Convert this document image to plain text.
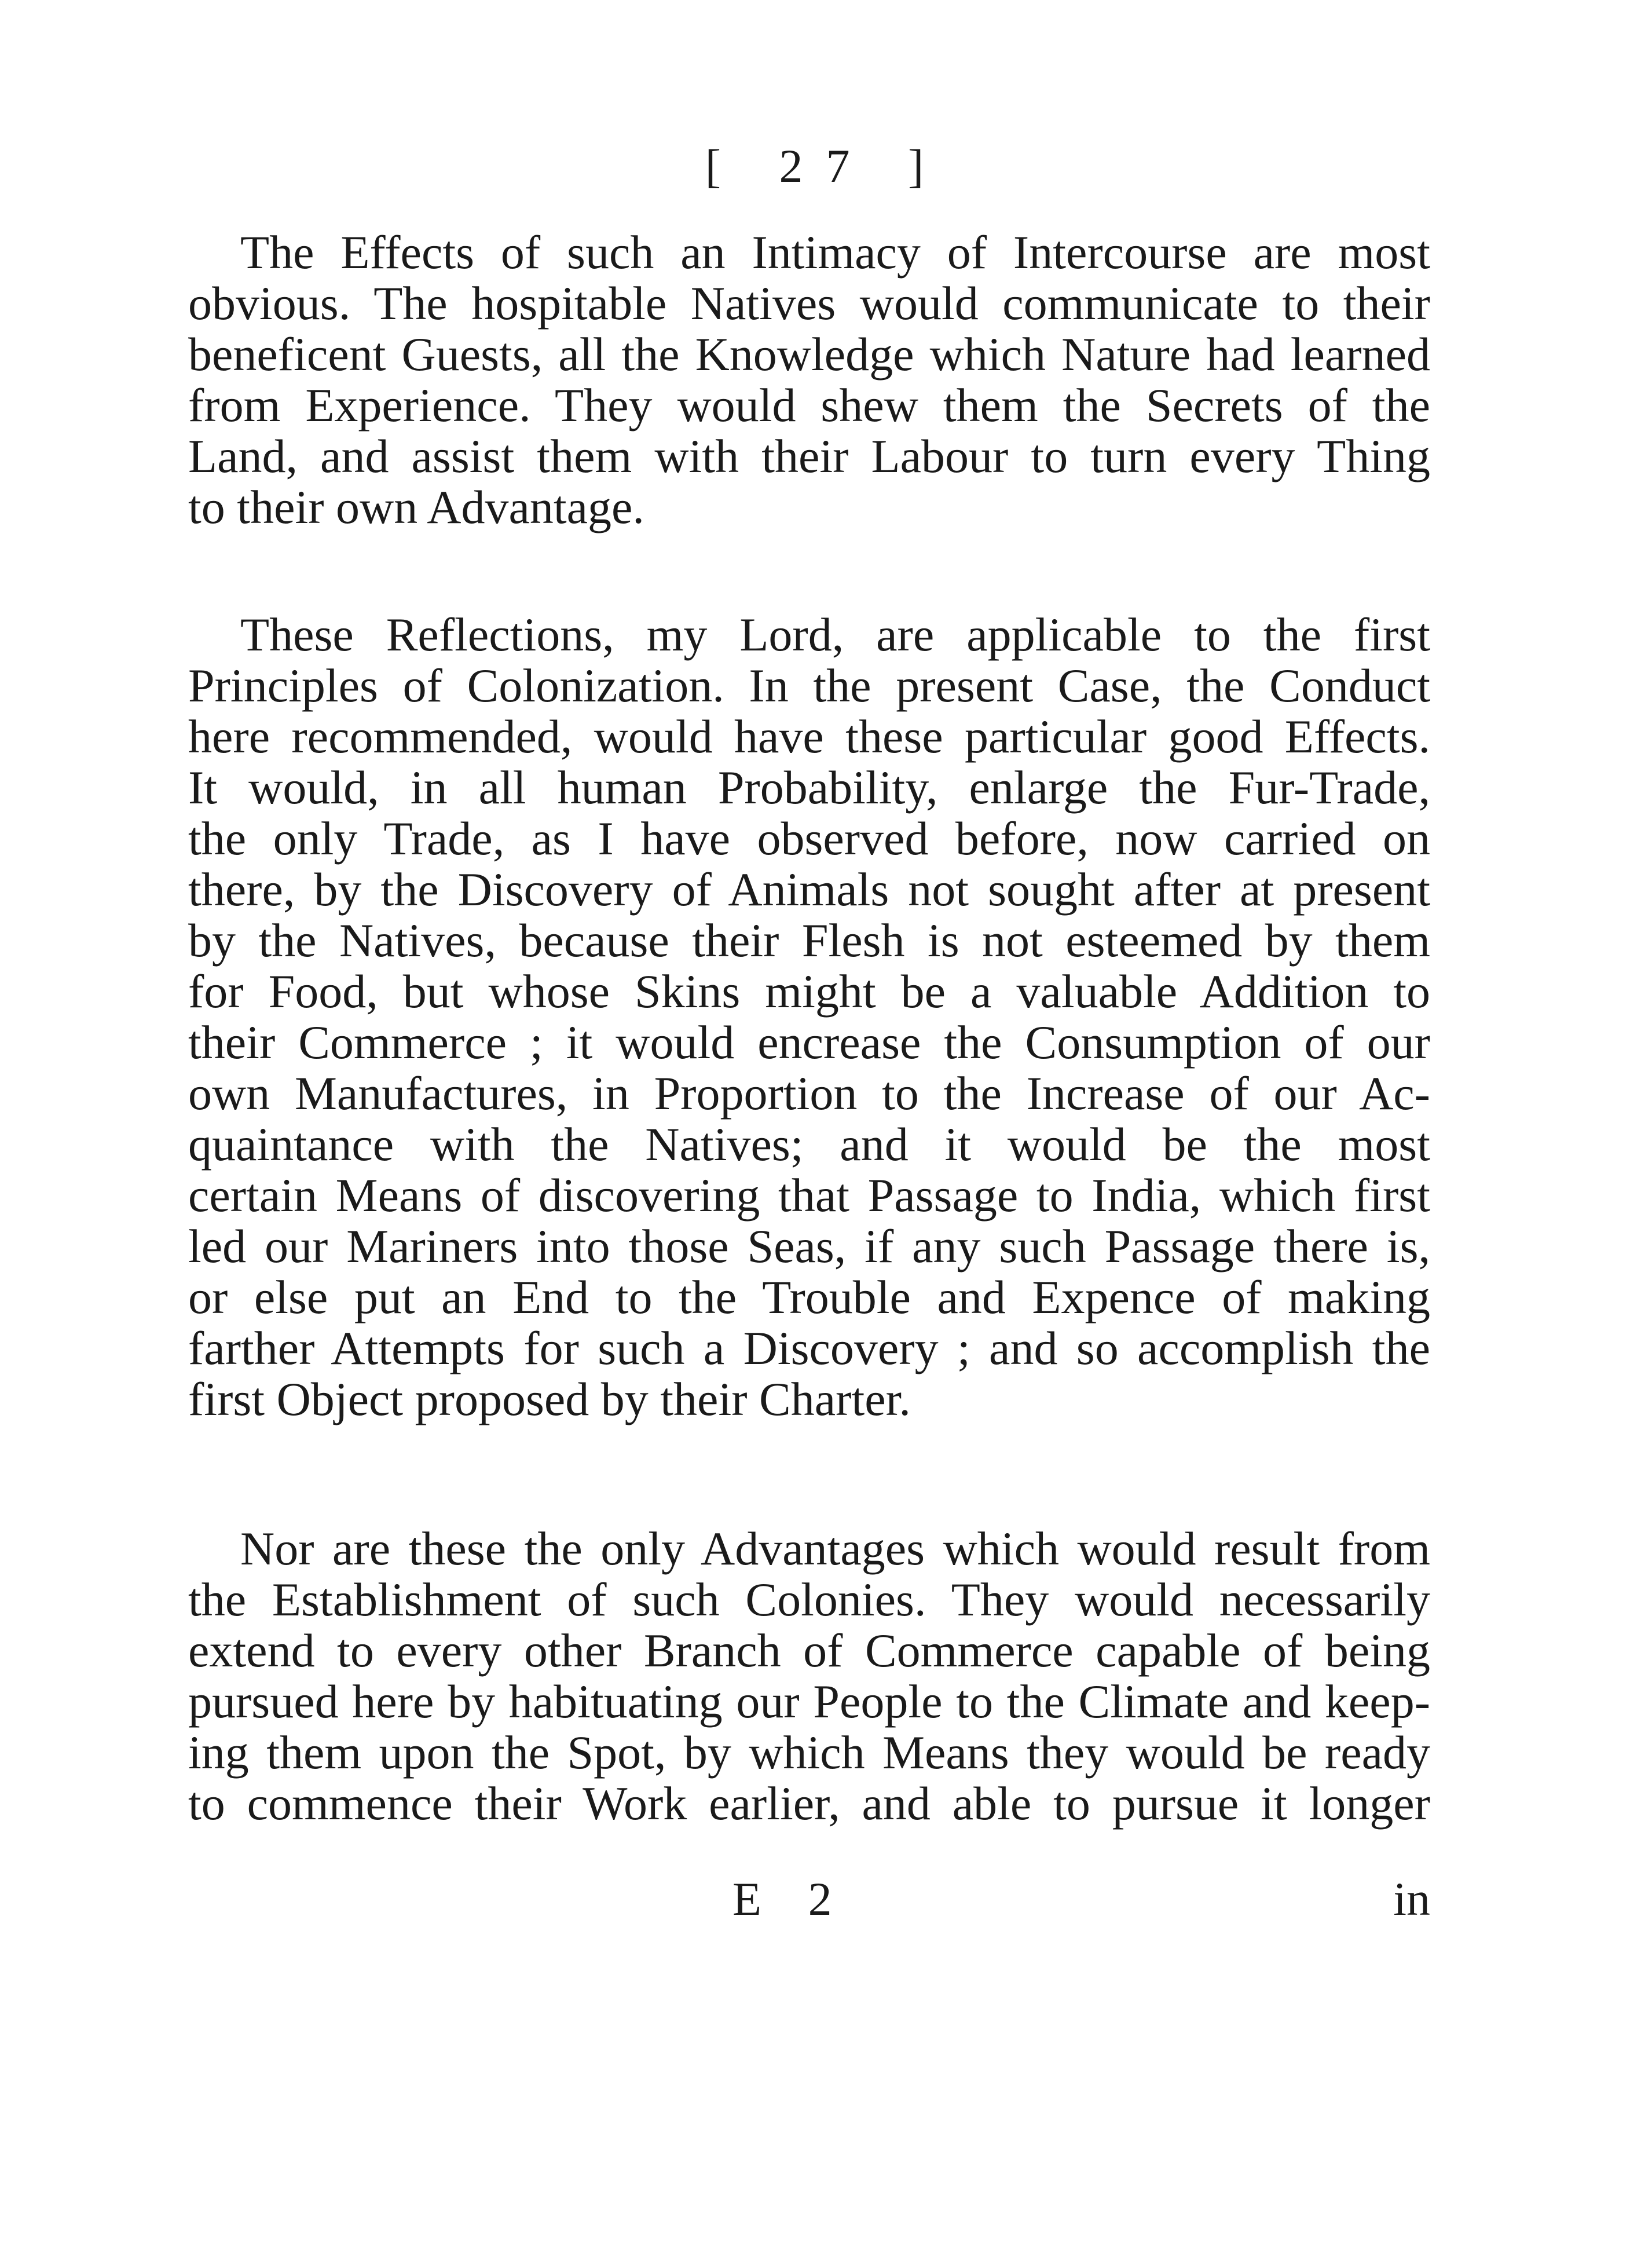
[ 27 ]
The Effects of such an Intimacy of Intercourse are most
obvious. The hospitable Natives would communicate to their
beneficent Guests, all the Knowledge which Nature had learned
from Experience. They would shew them the Secrets of the
Land, and assist them with their Labour to turn every Thing
to their own Advantage.
These Reflections, my Lord, are applicable to the first
Principles of Colonization. In the present Case, the Conduct
here recommended, would have these particular good Effects.
It would, in all human Probability, enlarge the Fur-Trade,
the only Trade, as I have observed before, now carried on
there, by the Discovery of Animals not sought after at present
by the Natives, because their Flesh is not esteemed by them
for Food, but whose Skins might be a valuable Addition to
their Commerce ; it would encrease the Consumption of our
own Manufactures, in Proportion to the Increase of our Ac-
quaintance with the Natives; and it would be the most
certain Means of discovering that Passage to India, which first
led our Mariners into those Seas, if any such Passage there is,
or else put an End to the Trouble and Expence of making
farther Attempts for such a Discovery ; and so accomplish the
first Object proposed by their Charter.
Nor are these the only Advantages which would result from
the Establishment of such Colonies. They would necessarily
extend to every other Branch of Commerce capable of being
pursued here by habituating our People to the Climate and keep-
ing them upon the Spot, by which Means they would be ready
to commence their Work earlier, and able to pursue it longer
E 2	in
